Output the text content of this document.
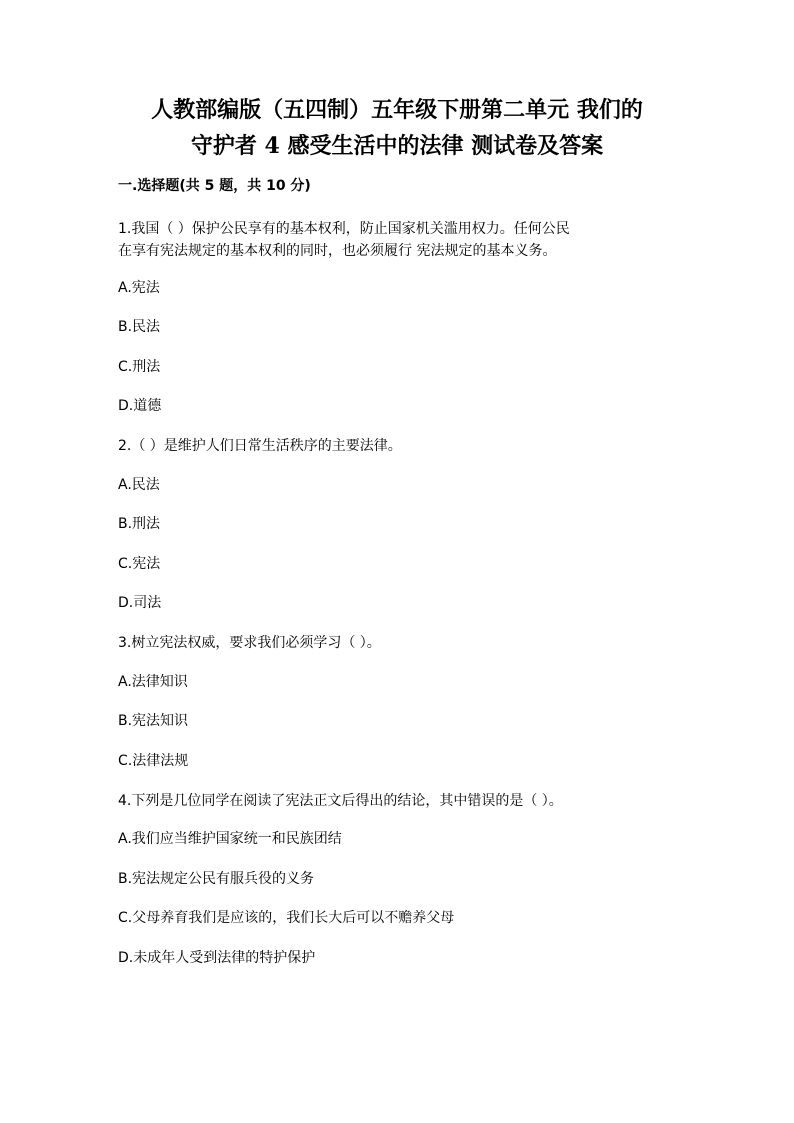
人教部编版（五四制）五年级下册第二单元 我们的
守护者 4 感受生活中的法律 测试卷及答案
一.选择题(共 5 题，共 10 分)
1.我国（ ）保护公民享有的基本权利，防止国家机关滥用权力。任何公民
在享有宪法规定的基本权利的同时，也必须履行 宪法规定的基本义务。
A.宪法
B.民法
C.刑法
D.道德
2.（ ）是维护人们日常生活秩序的主要法律。
A.民法
B.刑法
C.宪法
D.司法
3.树立宪法权威，要求我们必须学习（ ）。
A.法律知识
B.宪法知识
C.法律法规
4.下列是几位同学在阅读了宪法正文后得出的结论，其中错误的是（ ）。
A.我们应当维护国家统一和民族团结
B.宪法规定公民有服兵役的义务
C.父母养育我们是应该的，我们长大后可以不赡养父母
D.未成年人受到法律的特护保护
